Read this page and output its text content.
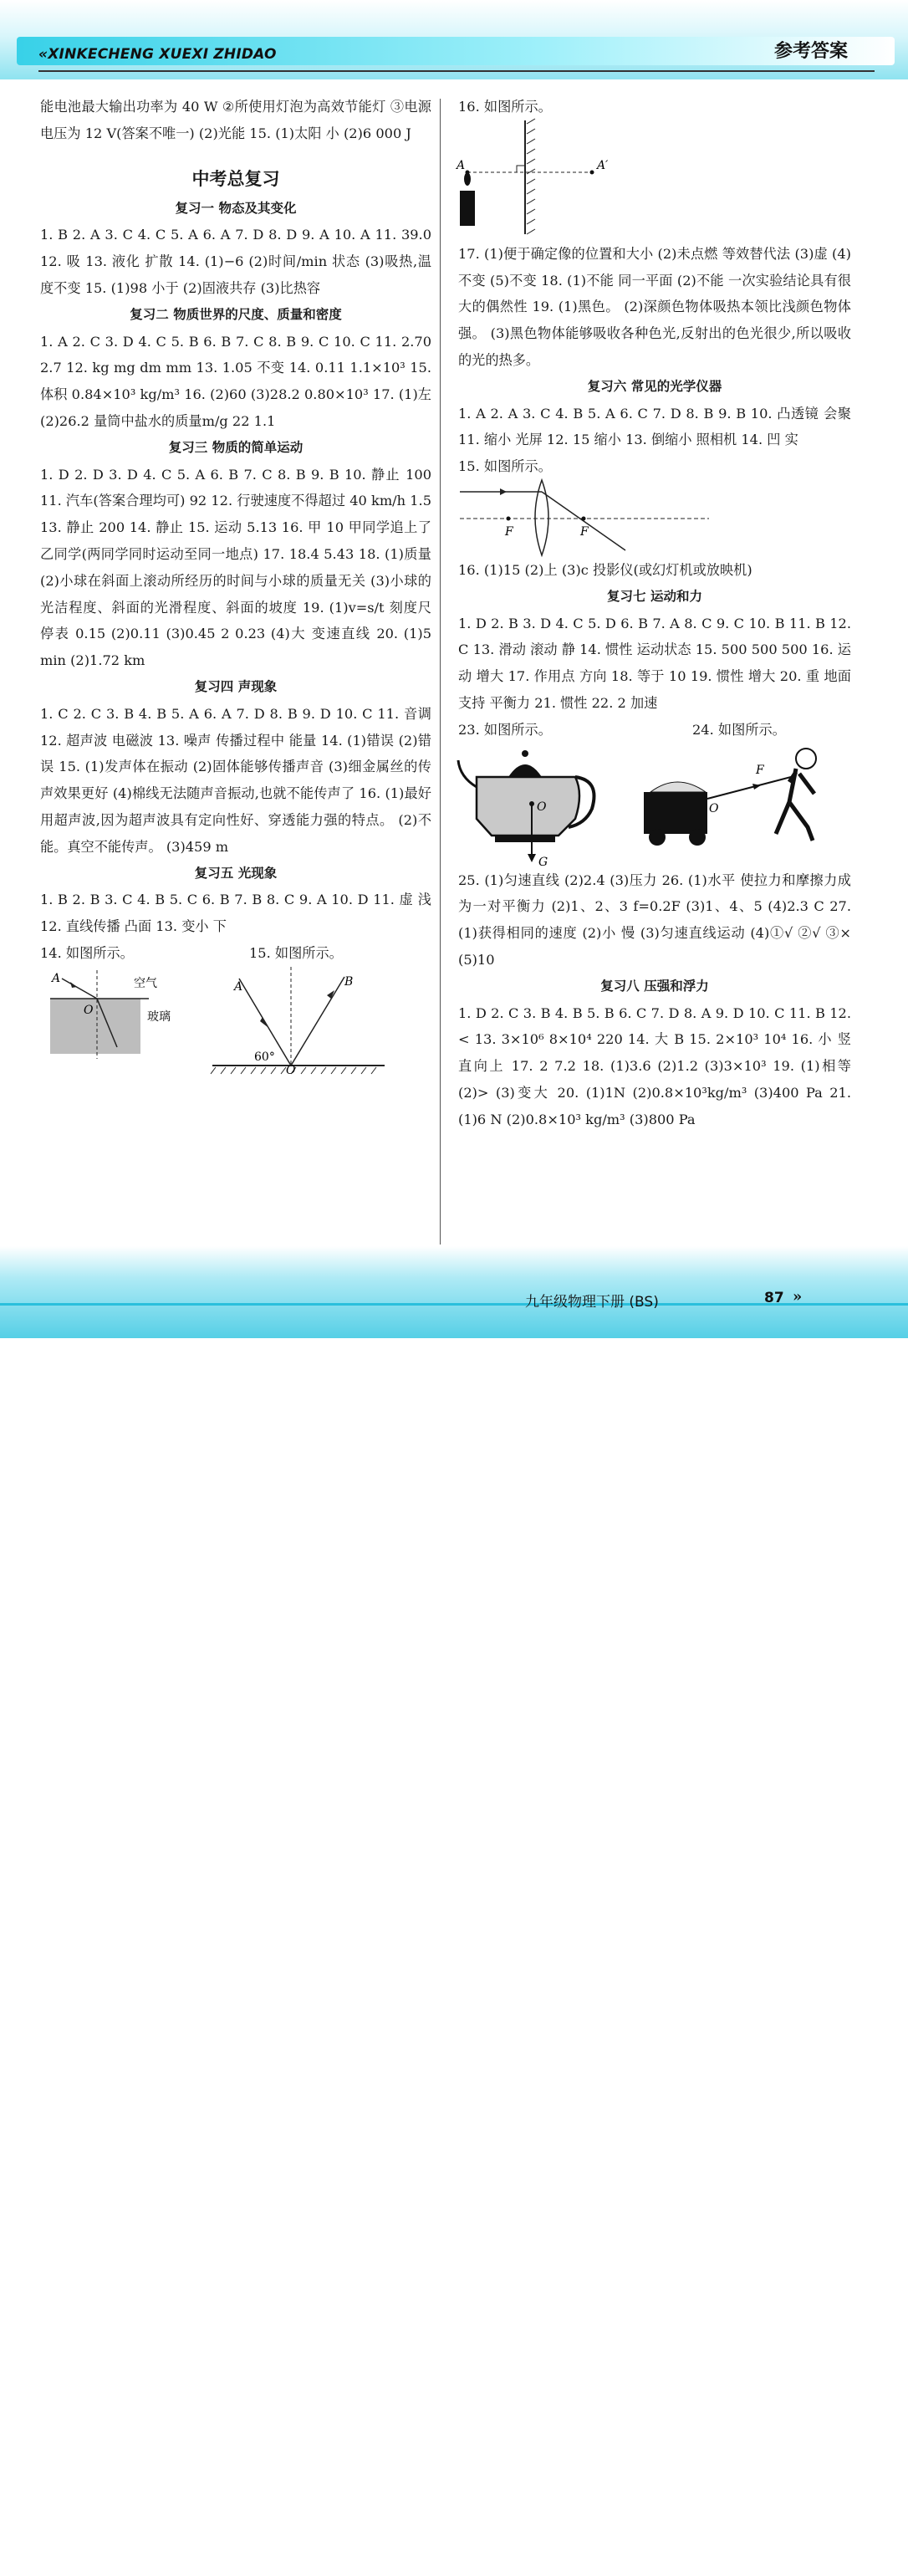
«XINKECHENG XUEXI ZHIDAO	参考答案

能电池最大输出功率为 40 W ②所使用灯泡为高效节能灯 ③电源电压为 12 V(答案不唯一) (2)光能 15. (1)太阳 小 (2)6 000 J

中考总复习
复习一 物态及其变化

1. B 2. A 3. C 4. C 5. A 6. A 7. D 8. D 9. A 10. A 11. 39.0 12. 吸 13. 液化 扩散 14. (1)−6 (2)时间/min 状态 (3)吸热,温度不变 15. (1)98 小于 (2)固液共存 (3)比热容

复习二 物质世界的尺度、质量和密度

1. A 2. C 3. D 4. C 5. B 6. B 7. C 8. B 9. C 10. C 11. 2.70 2.7 12. kg mg dm mm 13. 1.05 不变 14. 0.11 1.1×10³ 15. 体积 0.84×10³ kg/m³ 16. (2)60 (3)28.2 0.80×10³ 17. (1)左 (2)26.2 量筒中盐水的质量m/g 22 1.1

复习三 物质的简单运动

1. D 2. D 3. D 4. C 5. A 6. B 7. C 8. B 9. B 10. 静止 100 11. 汽车(答案合理均可) 92 12. 行驶速度不得超过 40 km/h 1.5 13. 静止 200 14. 静止 15. 运动 5.13 16. 甲 10 甲同学追上了乙同学(两同学同时运动至同一地点) 17. 18.4 5.43 18. (1)质量 (2)小球在斜面上滚动所经历的时间与小球的质量无关 (3)小球的光洁程度、斜面的光滑程度、斜面的坡度 19. (1)v=s/t 刻度尺 停表 0.15 (2)0.11 (3)0.45 2 0.23 (4)大 变速直线 20. (1)5 min (2)1.72 km

复习四 声现象

1. C 2. C 3. B 4. B 5. A 6. A 7. D 8. B 9. D 10. C 11. 音调 12. 超声波 电磁波 13. 噪声 传播过程中 能量 14. (1)错误 (2)错误 15. (1)发声体在振动 (2)固体能够传播声音 (3)细金属丝的传声效果更好 (4)棉线无法随声音振动,也就不能传声了 16. (1)最好用超声波,因为超声波具有定向性好、穿透能力强的特点。 (2)不能。真空不能传声。 (3)459 m

复习五 光现象

1. B 2. B 3. C 4. B 5. C 6. B 7. B 8. C 9. A 10. D 11. 虚 浅 12. 直线传播 凸面 13. 变小 下

14. 如图所示。	15. 如图所示。
A
O
空气
玻璃
A	B
60°
O
16. 如图所示。
A	A′

17. (1)便于确定像的位置和大小 (2)未点燃 等效替代法 (3)虚 (4)不变 (5)不变 18. (1)不能 同一平面 (2)不能 一次实验结论具有很大的偶然性 19. (1)黑色。 (2)深颜色物体吸热本领比浅颜色物体强。 (3)黑色物体能够吸收各种色光,反射出的色光很少,所以吸收的光的热多。

复习六 常见的光学仪器

1. A 2. A 3. C 4. B 5. A 6. C 7. D 8. B 9. B 10. 凸透镜 会聚 11. 缩小 光屏 12. 15 缩小 13. 倒缩小 照相机 14. 凹 实

15. 如图所示。
F	F

16. (1)15 (2)上 (3)c 投影仪(或幻灯机或放映机)

复习七 运动和力

1. D 2. B 3. D 4. C 5. D 6. B 7. A 8. C 9. C 10. B 11. B 12. C 13. 滑动 滚动 静 14. 惯性 运动状态 15. 500 500 500 16. 运动 增大 17. 作用点 方向 18. 等于 10 19. 惯性 增大 20. 重 地面支持 平衡力 21. 惯性 22. 2 加速

23. 如图所示。	24. 如图所示。
O
G
F
O

25. (1)匀速直线 (2)2.4 (3)压力 26. (1)水平 使拉力和摩擦力成为一对平衡力 (2)1、2、3 f=0.2F (3)1、4、5 (4)2.3 C 27. (1)获得相同的速度 (2)小 慢 (3)匀速直线运动 (4)①√ ②√ ③× (5)10

复习八 压强和浮力

1. D 2. C 3. B 4. B 5. B 6. C 7. D 8. A 9. D 10. C 11. B 12. < 13. 3×10⁶ 8×10⁴ 220 14. 大 B 15. 2×10³ 10⁴ 16. 小 竖直向上 17. 2 7.2 18. (1)3.6 (2)1.2 (3)3×10³ 19. (1)相等 (2)> (3)变大 20. (1)1N (2)0.8×10³kg/m³ (3)400 Pa 21. (1)6 N (2)0.8×10³ kg/m³ (3)800 Pa

九年级物理下册 (BS)	87 »
